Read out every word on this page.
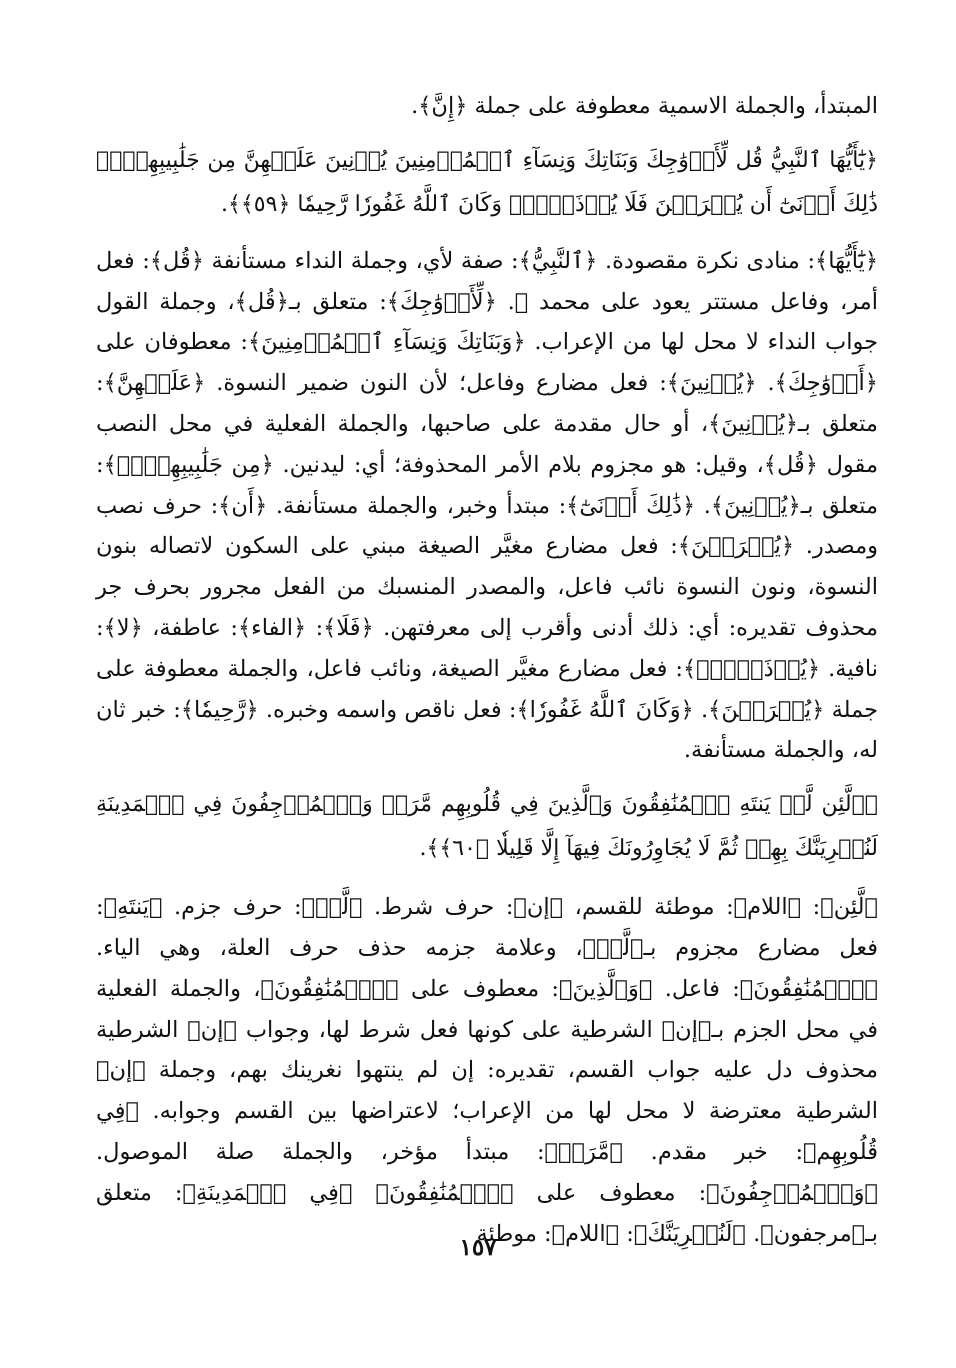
المبتدأ، والجملة الاسمية معطوفة على جملة ﴿إِنَّ﴾.

﴿يَٰٓأَيُّهَا ٱلنَّبِيُّ قُل لِّأَزۡوَٰجِكَ وَبَنَاتِكَ وَنِسَآءِ ٱلۡمُؤۡمِنِينَ يُدۡنِينَ عَلَيۡهِنَّ مِن جَلَٰبِيبِهِنَّۚ ذَٰلِكَ أَدۡنَىٰٓ أَن يُعۡرَفۡنَ فَلَا يُؤۡذَيۡنَۗ وَكَانَ ٱللَّهُ غَفُورٗا رَّحِيمٗا ﴿٥٩﴾﴾.

﴿يَٰٓأَيُّهَا﴾: منادى نكرة مقصودة. ﴿ٱلنَّبِيُّ﴾: صفة لأي، وجملة النداء مستأنفة ﴿قُل﴾: فعل أمر، وفاعل مستتر يعود على محمد ﷺ. ﴿لِّأَزۡوَٰجِكَ﴾: متعلق بـ﴿قُل﴾، وجملة القول جواب النداء لا محل لها من الإعراب. ﴿وَبَنَاتِكَ وَنِسَآءِ ٱلۡمُؤۡمِنِينَ﴾: معطوفان على ﴿أَزۡوَٰجِكَ﴾. ﴿يُدۡنِينَ﴾: فعل مضارع وفاعل؛ لأن النون ضمير النسوة. ﴿عَلَيۡهِنَّ﴾: متعلق بـ﴿يُدۡنِينَ﴾، أو حال مقدمة على صاحبها، والجملة الفعلية في محل النصب مقول ﴿قُل﴾، وقيل: هو مجزوم بلام الأمر المحذوفة؛ أي: ليدنين. ﴿مِن جَلَٰبِيبِهِنَّۚ﴾: متعلق بـ﴿يُدۡنِينَ﴾. ﴿ذَٰلِكَ أَدۡنَىٰٓ﴾: مبتدأ وخبر، والجملة مستأنفة. ﴿أَن﴾: حرف نصب ومصدر. ﴿يُعۡرَفۡنَ﴾: فعل مضارع مغيَّر الصيغة مبني على السكون لاتصاله بنون النسوة، ونون النسوة نائب فاعل، والمصدر المنسبك من الفعل مجرور بحرف جر محذوف تقديره: أي: ذلك أدنى وأقرب إلى معرفتهن. ﴿فَلَا﴾: ﴿الفاء﴾: عاطفة، ﴿لا﴾: نافية. ﴿يُؤۡذَيۡنَۗ﴾: فعل مضارع مغيَّر الصيغة، ونائب فاعل، والجملة معطوفة على جملة ﴿يُعۡرَفۡنَ﴾. ﴿وَكَانَ ٱللَّهُ غَفُورٗا﴾: فعل ناقص واسمه وخبره. ﴿رَّحِيمٗا﴾: خبر ثان له، والجملة مستأنفة.

﴿۞لَّئِن لَّمۡ يَنتَهِ ٱلۡمُنَٰفِقُونَ وَٱلَّذِينَ فِي قُلُوبِهِم مَّرَضٞ وَٱلۡمُرۡجِفُونَ فِي ٱلۡمَدِينَةِ لَنُغۡرِيَنَّكَ بِهِمۡ ثُمَّ لَا يُجَاوِرُونَكَ فِيهَآ إِلَّا قَلِيلٗا ﴿٦٠﴾﴾.

﴿لَّئِن﴾: ﴿اللام﴾: موطئة للقسم، ﴿إن﴾: حرف شرط. ﴿لَّمۡ﴾: حرف جزم. ﴿يَنتَهِ﴾: فعل مضارع مجزوم بـ﴿لَّمۡ﴾، وعلامة جزمه حذف حرف العلة، وهي الياء. ﴿ٱلۡمُنَٰفِقُونَ﴾: فاعل. ﴿وَٱلَّذِينَ﴾: معطوف على ﴿ٱلۡمُنَٰفِقُونَ﴾، والجملة الفعلية في محل الجزم بـ﴿إن﴾ الشرطية على كونها فعل شرط لها، وجواب ﴿إن﴾ الشرطية محذوف دل عليه جواب القسم، تقديره: إن لم ينتهوا نغرينك بهم، وجملة ﴿إن﴾ الشرطية معترضة لا محل لها من الإعراب؛ لاعتراضها بين القسم وجوابه. ﴿فِي قُلُوبِهِم﴾: خبر مقدم. ﴿مَّرَضٞ﴾: مبتدأ مؤخر، والجملة صلة الموصول. ﴿وَٱلۡمُرۡجِفُونَ﴾: معطوف على ﴿ٱلۡمُنَٰفِقُونَ﴾ ﴿فِي ٱلۡمَدِينَةِ﴾: متعلق بـ﴿مرجفون﴾. ﴿لَنُغۡرِيَنَّكَ﴾: ﴿اللام﴾: موطئة

١٥٧
